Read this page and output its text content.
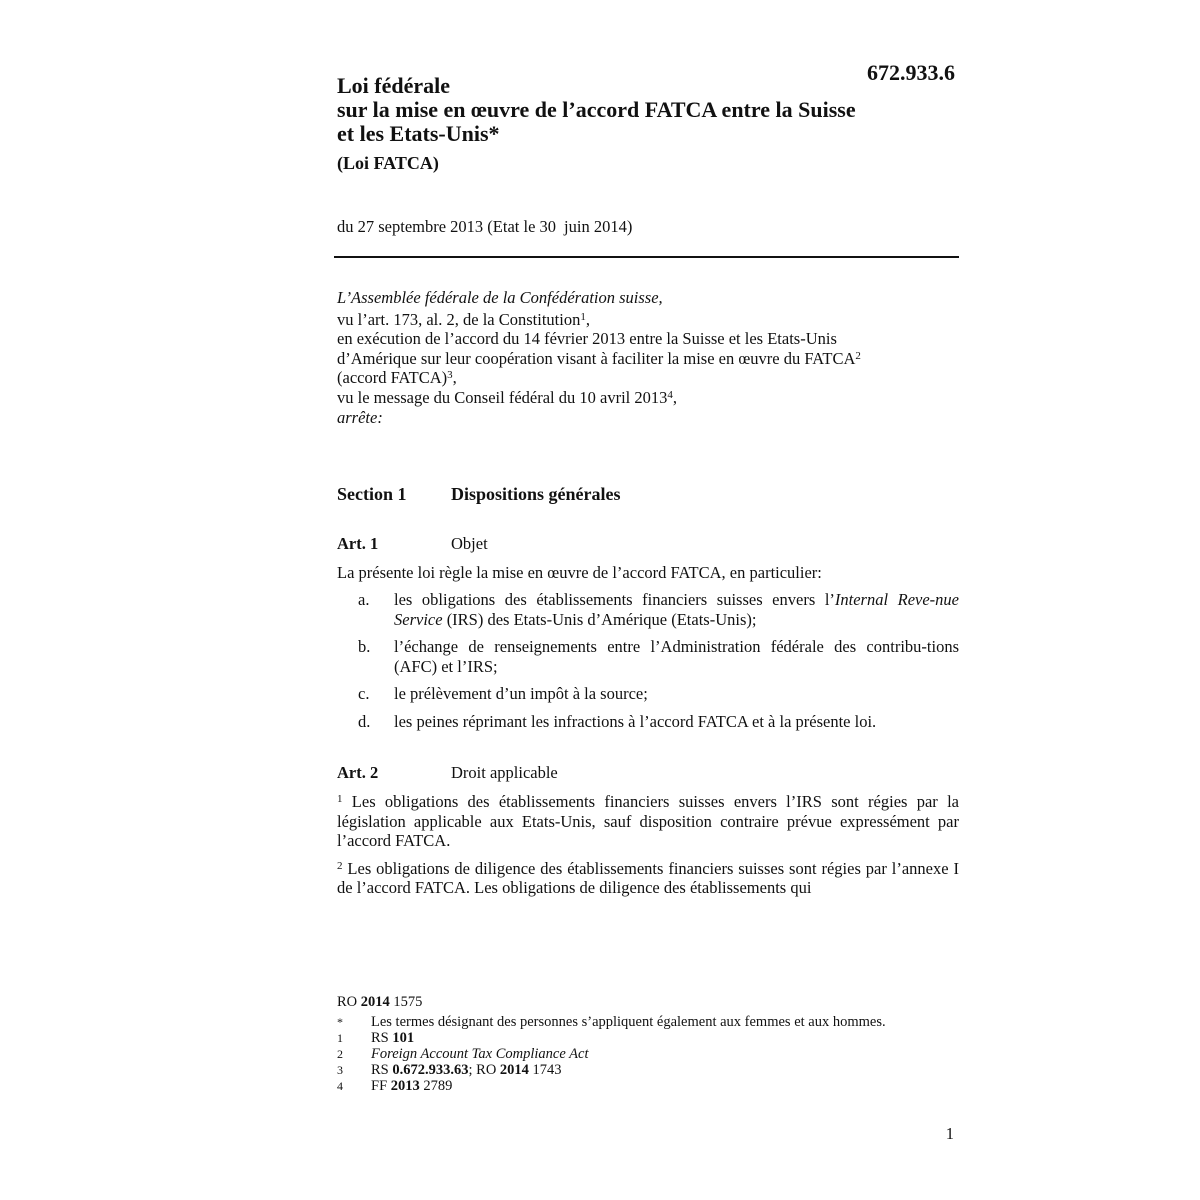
672.933.6

Loi fédérale

sur la mise en œuvre de l’accord FATCA entre la Suisse

et les Etats-Unis*

(Loi FATCA)
du 27 septembre 2013 (Etat le 30 juin 2014)

L’Assemblée fédérale de la Confédération suisse,

vu l’art. 173, al. 2, de la Constitution$^1$,

en exécution de l’accord du 14 février 2013 entre la Suisse et les Etats-Unis

d’Amérique sur leur coopération visant à faciliter la mise en œuvre du FATCA$^2$

(accord FATCA)$^3$,

vu le message du Conseil fédéral du 10 avril 2013$^4$,

arrête:

Section 1 Dispositions générales
Art. 1	Objet
La présente loi règle la mise en œuvre de l’accord FATCA, en particulier:
a.	les obligations des établissements financiers suisses envers l’Internal Reve-nue Service (IRS) des Etats-Unis d’Amérique (Etats-Unis);
b.	l’échange de renseignements entre l’Administration fédérale des contribu-tions (AFC) et l’IRS;
c.	le prélèvement d’un impôt à la source;
d.	les peines réprimant les infractions à l’accord FATCA et à la présente loi.
Art. 2	Droit applicable

$^1$ Les obligations des établissements financiers suisses envers l’IRS sont régies par la législation applicable aux Etats-Unis, sauf disposition contraire prévue expressément par l’accord FATCA.

$^2$ Les obligations de diligence des établissements financiers suisses sont régies par l’annexe I de l’accord FATCA. Les obligations de diligence des établissements qui

RO 2014 1575
*	Les termes désignant des personnes s’appliquent également aux femmes et aux hommes.
1	RS 101
2	Foreign Account Tax Compliance Act
3	RS 0.672.933.63; RO 2014 1743
4	FF 2013 2789
1
